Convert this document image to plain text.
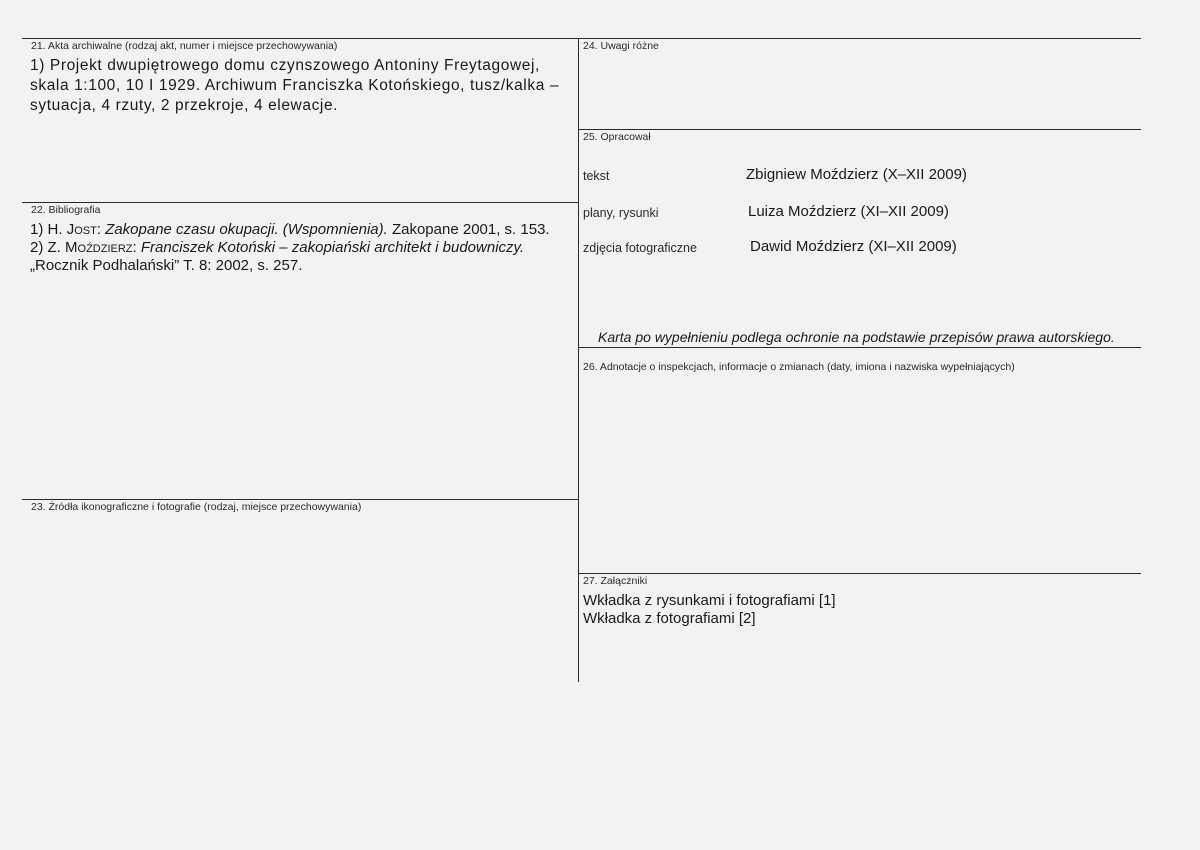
21. Akta archiwalne (rodzaj akt, numer i miejsce przechowywania)
1) Projekt dwupiętrowego domu czynszowego Antoniny Freytagowej, skala 1:100, 10 I 1929. Archiwum Franciszka Kotońskiego, tusz/kalka – sytuacja, 4 rzuty, 2 przekroje, 4 elewacje.
22. Bibliografia
1) H. Jost: Zakopane czasu okupacji. (Wspomnienia). Zakopane 2001, s. 153.
2) Z. Moździerz: Franciszek Kotoński – zakopiański architekt i budowniczy. „Rocznik Podhalański” T. 8: 2002, s. 257.
23. Źródła ikonograficzne i fotografie (rodzaj, miejsce przechowywania)
24. Uwagi różne
25. Opracował
tekst	Zbigniew Moździerz (X–XII 2009)
plany, rysunki	Luiza Moździerz (XI–XII 2009)
zdjęcia fotograficzne	Dawid Moździerz (XI–XII 2009)
Karta po wypełnieniu podlega ochronie na podstawie przepisów prawa autorskiego.
26. Adnotacje o inspekcjach, informacje o zmianach (daty, imiona i nazwiska wypełniających)
27. Załączniki
Wkładka z rysunkami i fotografiami [1]
Wkładka z fotografiami [2]
